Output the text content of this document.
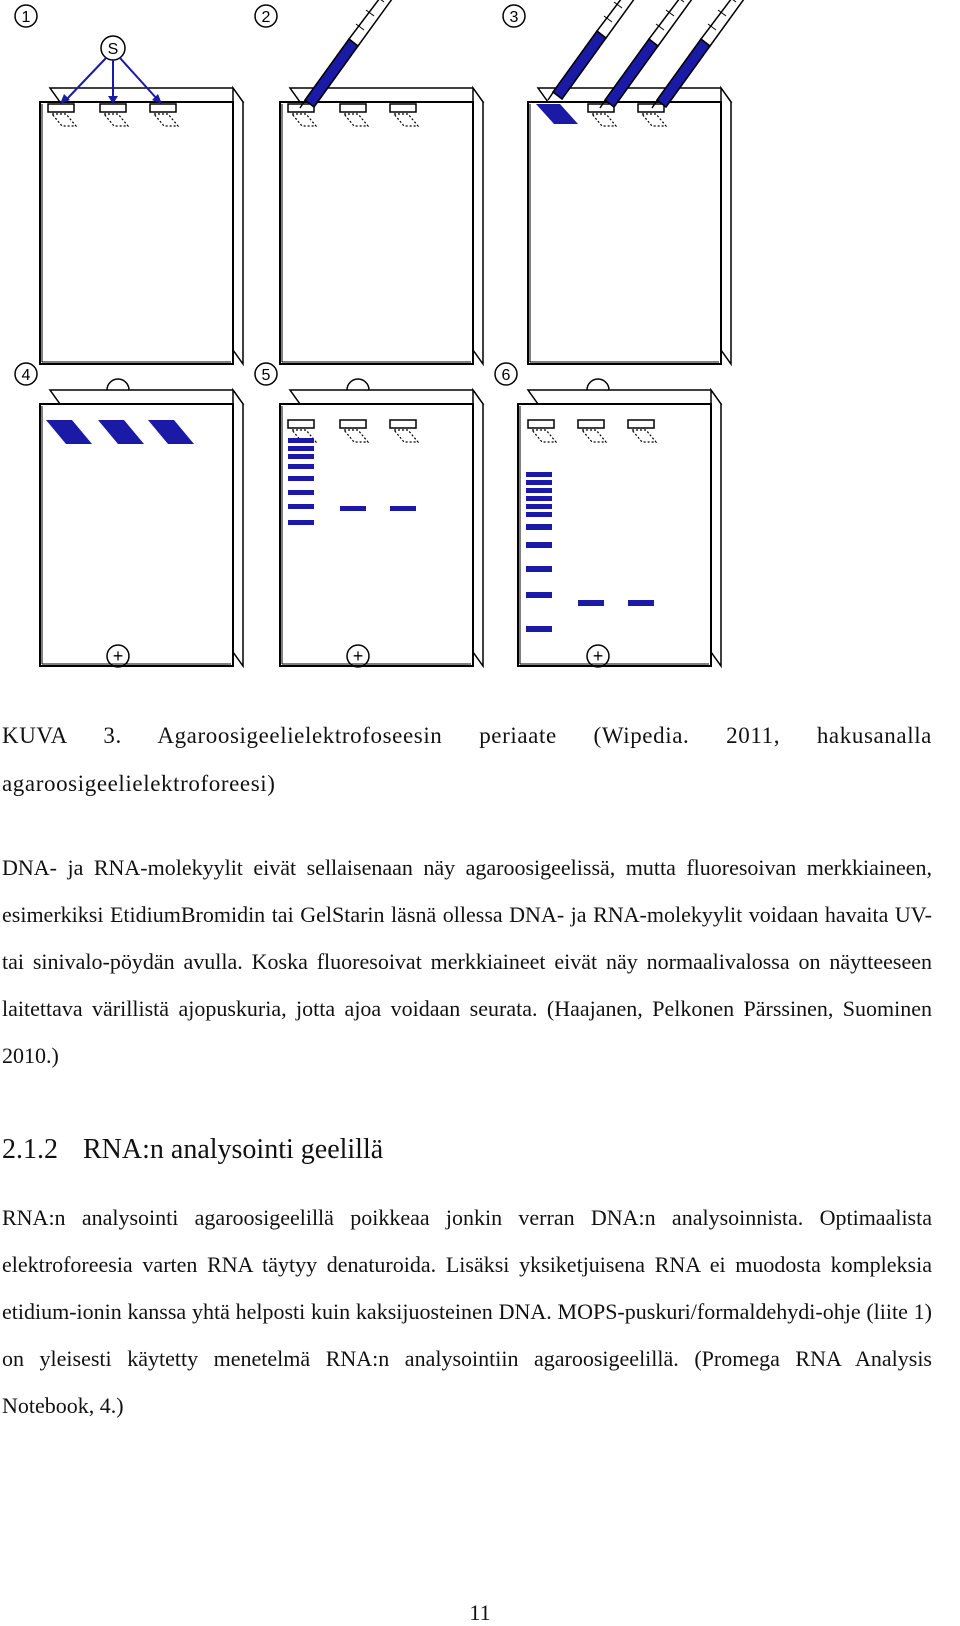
1
S
2	3
4
+
5
+
6
+
KUVA 3. Agaroosigeelielektrofoseesin periaate (Wipedia. 2011, hakusanalla agaroosigeelielektroforeesi)
DNA- ja RNA-molekyylit eivät sellaisenaan näy agaroosigeelissä, mutta fluoresoivan merkkiaineen, esimerkiksi EtidiumBromidin tai GelStarin läsnä ollessa DNA- ja RNA-molekyylit voidaan havaita UV- tai sinivalo-pöydän avulla. Koska fluoresoivat merkkiaineet eivät näy normaalivalossa on näytteeseen laitettava värillistä ajopuskuria, jotta ajoa voidaan seurata. (Haajanen, Pelkonen Pärssinen, Suominen 2010.)
2.1.2 RNA:n analysointi geelillä
RNA:n analysointi agaroosigeelillä poikkeaa jonkin verran DNA:n analysoinnista. Optimaalista elektroforeesia varten RNA täytyy denaturoida. Lisäksi yksiketjuisena RNA ei muodosta kompleksia etidium-ionin kanssa yhtä helposti kuin kaksijuosteinen DNA. MOPS-puskuri/formaldehydi-ohje (liite 1) on yleisesti käytetty menetelmä RNA:n analysointiin agaroosigeelillä. (Promega RNA Analysis Notebook, 4.)
11
